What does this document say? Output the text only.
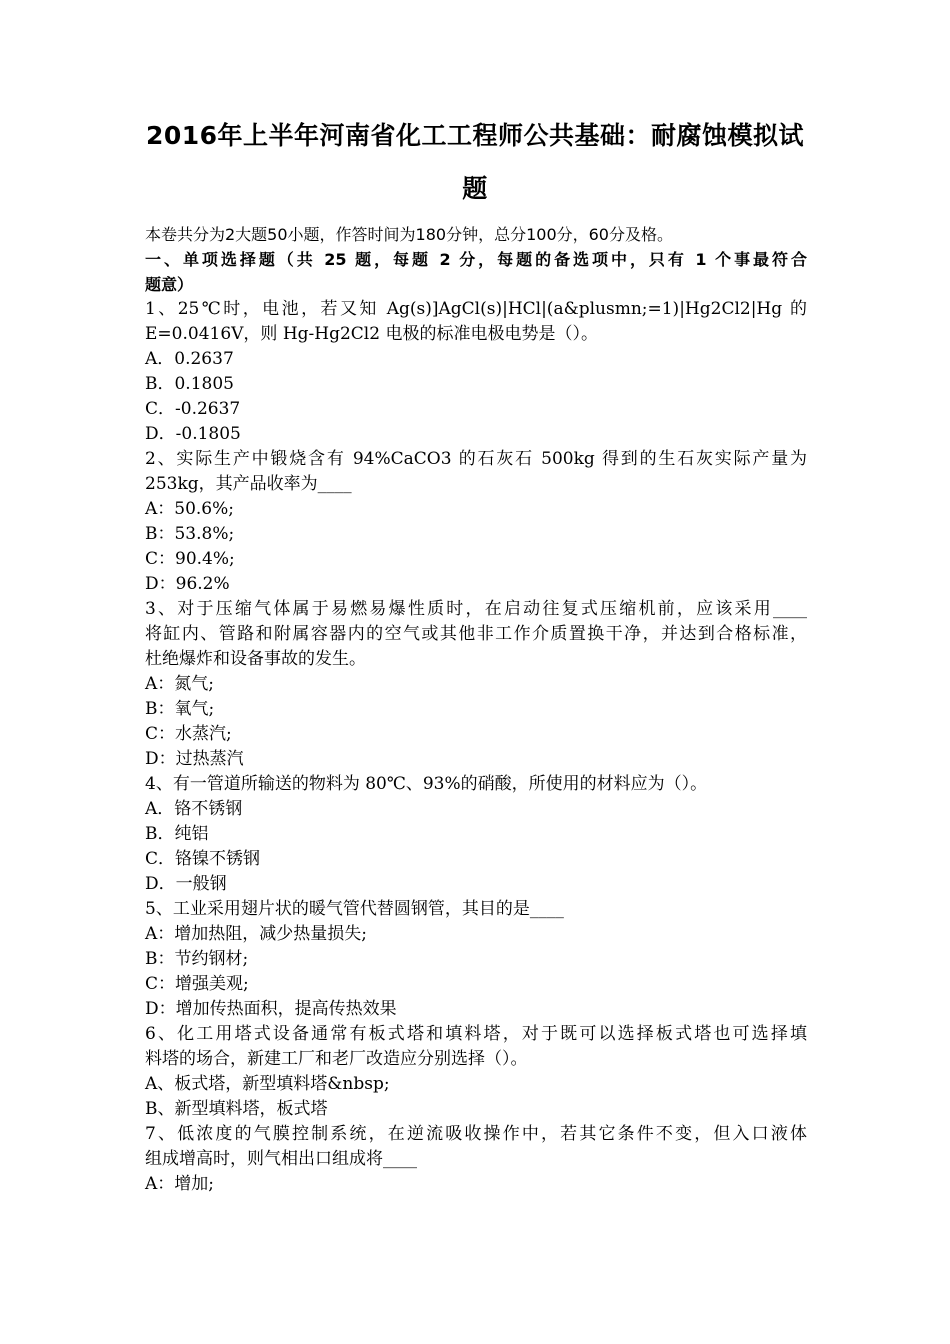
2016年上半年河南省化工工程师公共基础：耐腐蚀模拟试
题
本卷共分为2大题50小题，作答时间为180分钟，总分100分，60分及格。
一、单项选择题（共 25 题，每题 2 分，每题的备选项中，只有 1 个事最符合
题意）
1、25℃时，电池，若又知 Ag(s)]AgCl(s)|HCl|(a&plusmn;=1)|Hg2Cl2|Hg 的
E=0.0416V，则 Hg-Hg2Cl2 电极的标准电极电势是（）。
A．0.2637
B．0.1805
C．-0.2637
D．-0.1805
2、实际生产中锻烧含有 94%CaCO3 的石灰石 500kg 得到的生石灰实际产量为
253kg，其产品收率为____
A：50.6%;
B：53.8%;
C：90.4%;
D：96.2%
3、对于压缩气体属于易燃易爆性质时，在启动往复式压缩机前，应该采用____
将缸内、管路和附属容器内的空气或其他非工作介质置换干净，并达到合格标准，
杜绝爆炸和设备事故的发生。
A：氮气;
B：氧气;
C：水蒸汽;
D：过热蒸汽
4、有一管道所输送的物料为 80℃、93%的硝酸，所使用的材料应为（）。
A．铬不锈钢
B．纯铝
C．铬镍不锈钢
D．一般钢
5、工业采用翅片状的暖气管代替圆钢管，其目的是____
A：增加热阻，减少热量损失;
B：节约钢材;
C：增强美观;
D：增加传热面积，提高传热效果
6、化工用塔式设备通常有板式塔和填料塔，对于既可以选择板式塔也可选择填
料塔的场合，新建工厂和老厂改造应分别选择（）。
A、板式塔，新型填料塔&nbsp;
B、新型填料塔，板式塔
7、低浓度的气膜控制系统，在逆流吸收操作中，若其它条件不变，但入口液体
组成增高时，则气相出口组成将____
A：增加;
